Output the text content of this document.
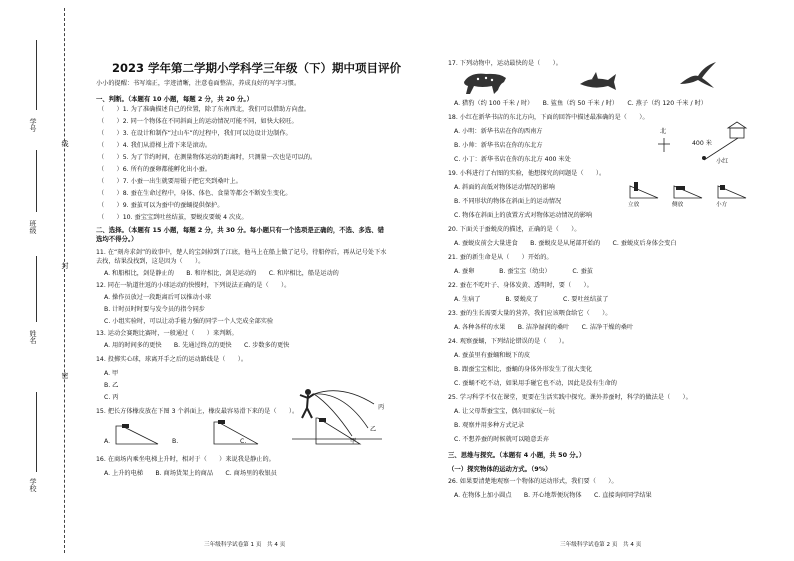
线
封
密
学号
班级
姓名
学校
2023 学年第二学期小学科学三年级（下）期中项目评价
小小的提醒：书写端正，字迹清晰，注意卷面整洁，养成良好的写字习惯。
一、判断。（本题有 10 小题，每题 2 分，共 20 分。）
（　　）1. 为了准确描述自己的位置，除了东南西北，我们可以借助方向盘。
（　　）2. 同一个物体在不同斜面上的运动情况可能不同，如快大较旺。
（　　）3. 在设计和制作“过山车”的过程中，我们可以边设计边制作。
（　　）4. 我们从滑梯上滑下来是滚动。
（　　）5. 为了节约时间，在测量物体运动的距离时，只测量一次也是可以的。
（　　）6. 所有的蚕卵都能孵化出小蚕。
（　　）7. 小蚕一出生就要用镊子把它夹到桑叶上。
（　　）8. 蚕在生命过程中，身体、体色、食量等都会不断发生变化。
（　　）9. 蚕茧可以为蚕中的蚕蛹提供保护。
（　　）10. 蚕宝宝到吐丝结茧，要蜕皮要蜕 4 次皮。
二、选择。（本题有 15 小题，每题 2 分，共 30 分。每小题只有一个选项是正确的，不选、多选、错选均不得分。）
11. 在“刻舟求剑”的故事中，楚人的宝剑掉到了江底，他马上在船上做了记号，待船停后，再从记号处下水去找，结果没找到，这是因为（　　）。
A. 和船相比，剑是静止的　　B. 和岸相比，剑是运动的　　C. 和岸相比，船是运动的
12. 同在一轨道往返的小球运动的快慢时，下列说法正确的是（　　）。
A. 操作员放过一段距离后可以推动小球
B. 计时员时时要与发令员的指令同步
C. 小组实验时，可以让动手能力强的同学一个人完成全部实验
13. 运动会赛跑比赛时，一般通过（　　）来判断。
A. 用的时间多的更快　　B. 先通过终点的更快　　C. 步数多的更快
14. 投掷实心球，球离开手之后的运动路线是（　　）。
A. 甲
B. 乙
C. 丙
15. 把长方体橡皮放在下图 3 个斜面上，橡皮最容易滑下来的是（　　）。
A.　　　　　　　　　　B.　　　　　　　　　　C.
16. 在商场内乘坐电梯上升时，相对于（　　）来说我是静止的。
A. 上升的电梯　　B. 商场货架上的商品　　C. 商场里的收银员
丙
乙
甲
17. 下列动物中，运动最快的是（　　）。
A. 猎豹（约 100 千米 / 时）　　B. 鲨鱼（约 50 千米 / 时）　　C. 燕子（约 120 千米 / 时）
18. 小红在新华书店的东北方向，下面的回答中描述最准确的是（　　）。
A. 小明：新华书店在你的西南方
B. 小帅：新华书店在你的东北方
C. 小丁：新华书店在你的东北方 400 米处
19. 小科进行了右图的实验，他想探究的问题是（　　）。
A. 斜面的高低对物体运动情况的影响
B. 不同形状的物体在斜面上的运动情况
C. 物体在斜面上的放置方式对物体运动情况的影响
20. 下面关于蚕蜕皮的描述，正确的是（　　）。
A. 蚕蜕皮前会大量进食　　B. 蚕蜕皮是从尾部开始的　　C. 蚕蜕皮后身体会变白
21. 蚕的新生命是从（　　）开始的。
A. 蚕卵　　　　B. 蚕宝宝（幼虫）　　　　C. 蚕茧
22. 蚕在不吃叶子、身体发黄、透明时，要（　　）。
A. 生病了　　　　B. 要蜕皮了　　　　C. 要吐丝结茧了
23. 蚕的生长需要大量的营养，我们应该喂食给它（　　）。
A. 各种各样的水果　　B. 洁净湿润的桑叶　　C. 洁净干燥的桑叶
24. 观察蚕蛹，下列结论错误的是（　　）。
A. 蚕茧里有蚕蛹和蜕下的皮
B. 跟蚕宝宝相比，蚕蛹的身体外形发生了很大变化
C. 蚕蛹不吃不动，如果用手碰它也不动，因此是没有生命的
25. 学习科学不仅在课堂，更要在生活实践中探究。课外养蚕时，科学的做法是（　　）。
A. 让父母帮蚕宝宝，偶尔回家玩一玩
B. 观察并用多种方式记录
C. 不想养蚕的时候就可以随意丢弃
三、思维与探究。（本题有 4 小题，共 50 分。）
（一）探究物体的运动方式。（9%）
26. 如果要清楚地观察一个物体的运动形式，我们要（　　）。
A. 在物体上加小圆点　　B. 开心地帮便玩物体　　C. 直接询问同学结果
北
400 米
小红
立放	侧放	小方
三年级科学试卷第 1 页　共 4 页	三年级科学试卷第 2 页　共 4 页
